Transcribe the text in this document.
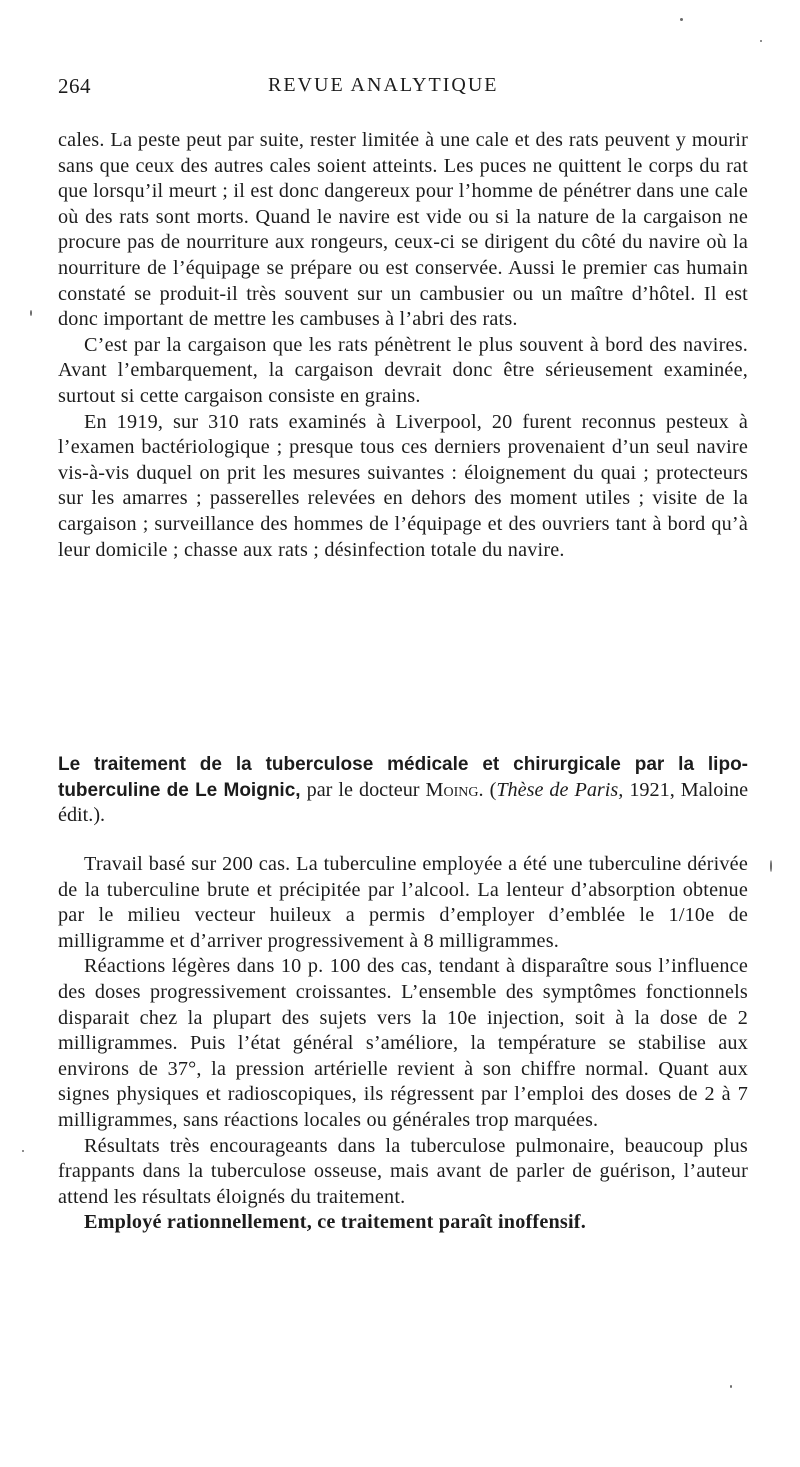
264	REVUE ANALYTIQUE

cales. La peste peut par suite, rester limitée à une cale et des rats peuvent y mourir sans que ceux des autres cales soient atteints. Les puces ne quittent le corps du rat que lorsqu’il meurt ; il est donc dangereux pour l’homme de pénétrer dans une cale où des rats sont morts. Quand le navire est vide ou si la nature de la cargaison ne procure pas de nourriture aux rongeurs, ceux-ci se dirigent du côté du navire où la nourriture de l’équipage se prépare ou est conservée. Aussi le premier cas humain constaté se produit-il très souvent sur un cambusier ou un maître d’hôtel. Il est donc important de mettre les cambuses à l’abri des rats.

C’est par la cargaison que les rats pénètrent le plus souvent à bord des navires. Avant l’embarquement, la cargaison devrait donc être sérieusement examinée, surtout si cette cargaison consiste en grains.

En 1919, sur 310 rats examinés à Liverpool, 20 furent reconnus pesteux à l’examen bactériologique ; presque tous ces derniers provenaient d’un seul navire vis-à-vis duquel on prit les mesures suivantes : éloignement du quai ; protecteurs sur les amarres ; passerelles relevées en dehors des moment utiles ; visite de la cargaison ; surveillance des hommes de l’équipage et des ouvriers tant à bord qu’à leur domicile ; chasse aux rats ; désinfection totale du navire.

Le traitement de la tuberculose médicale et chirurgicale par la lipo-tuberculine de Le Moignic, par le docteur Moing. (Thèse de Paris, 1921, Maloine édit.).

Travail basé sur 200 cas. La tuberculine employée a été une tuberculine dérivée de la tuberculine brute et précipitée par l’alcool. La lenteur d’absorption obtenue par le milieu vecteur huileux a permis d’employer d’emblée le 1/10e de milligramme et d’arriver progressivement à 8 milligrammes.

Réactions légères dans 10 p. 100 des cas, tendant à disparaître sous l’influence des doses progressivement croissantes. L’ensemble des symptômes fonctionnels disparait chez la plupart des sujets vers la 10e injection, soit à la dose de 2 milligrammes. Puis l’état général s’améliore, la température se stabilise aux environs de 37°, la pression artérielle revient à son chiffre normal. Quant aux signes physiques et radioscopiques, ils régressent par l’emploi des doses de 2 à 7 milligrammes, sans réactions locales ou générales trop marquées.

Résultats très encourageants dans la tuberculose pulmonaire, beaucoup plus frappants dans la tuberculose osseuse, mais avant de parler de guérison, l’auteur attend les résultats éloignés du traitement.

Employé rationnellement, ce traitement paraît inoffensif.
